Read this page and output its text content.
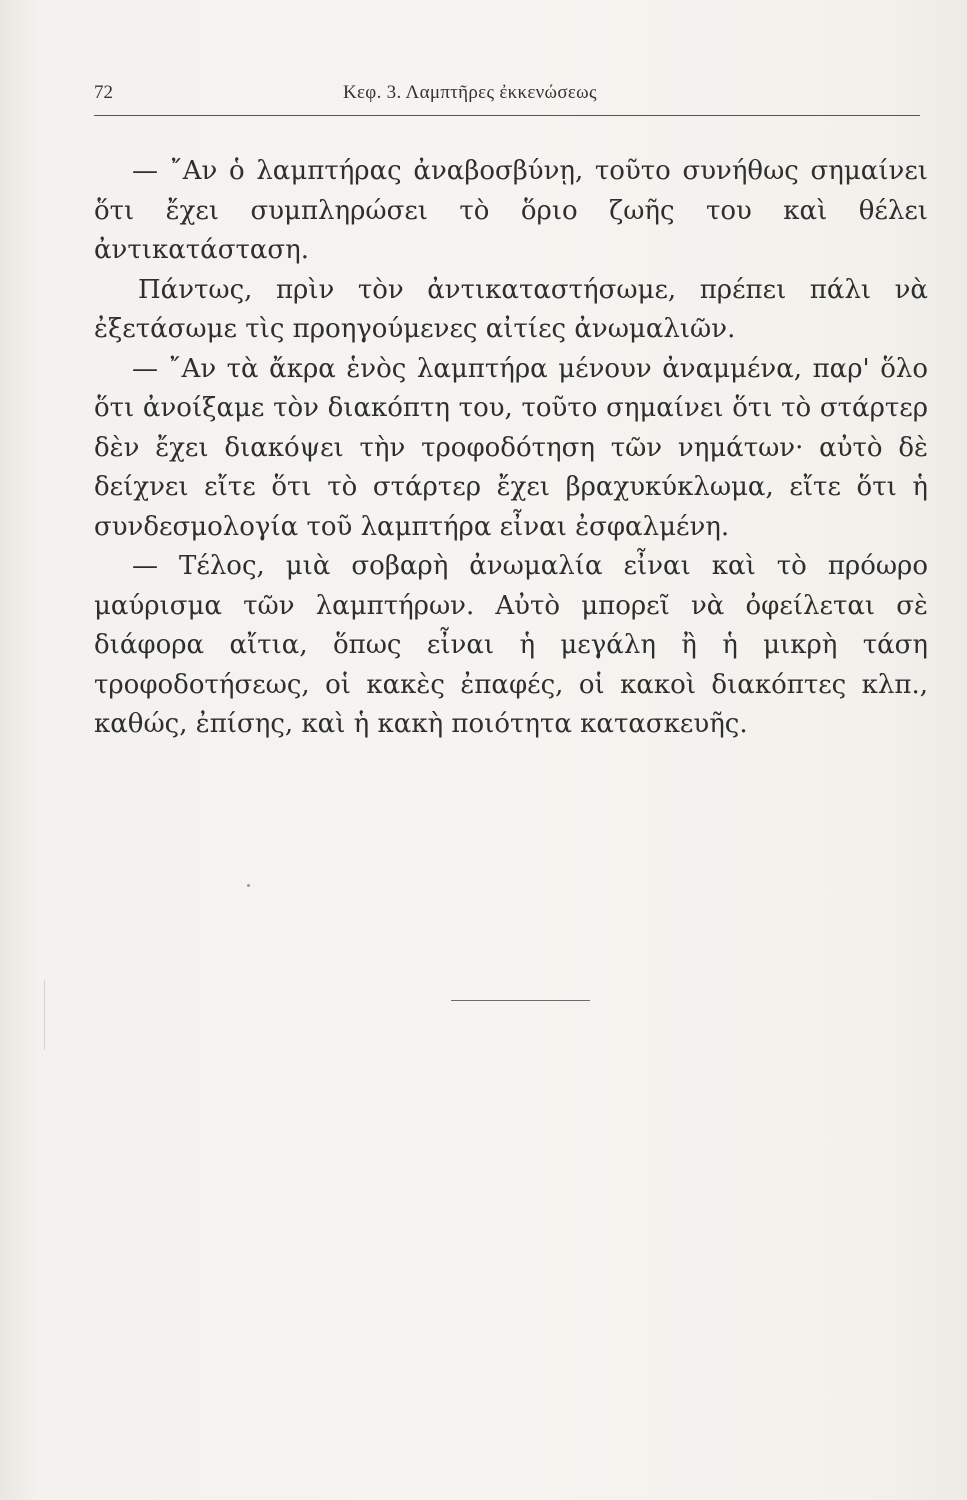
72	Κεφ. 3. Λαμπτῆρες ἐκκενώσεως

— ῎Αν ὁ λαμπτήρας ἀναβοσβύνῃ, τοῦτο συνήθως σημαίνει ὅτι ἔχει συμπληρώσει τὸ ὅριο ζωῆς του καὶ θέλει ἀντικατάσταση.

Πάντως, πρὶν τὸν ἀντικαταστήσωμε, πρέπει πάλι νὰ ἐξετάσωμε τὶς προηγούμενες αἰτίες ἀνωμαλιῶν.

— ῎Αν τὰ ἄκρα ἑνὸς λαμπτήρα μένουν ἀναμμένα, παρ' ὅλο ὅτι ἀνοίξαμε τὸν διακόπτη του, τοῦτο σημαίνει ὅτι τὸ στάρτερ δὲν ἔχει διακόψει τὴν τροφοδότηση τῶν νημάτων· αὐτὸ δὲ δείχνει εἴτε ὅτι τὸ στάρτερ ἔχει βραχυκύκλωμα, εἴτε ὅτι ἡ συνδεσμολογία τοῦ λαμπτήρα εἶναι ἐσφαλμένη.

— Τέλος, μιὰ σοβαρὴ ἀνωμαλία εἶναι καὶ τὸ πρόωρο μαύρισμα τῶν λαμπτήρων. Αὐτὸ μπορεῖ νὰ ὀφείλεται σὲ διάφορα αἴτια, ὅπως εἶναι ἡ μεγάλη ἢ ἡ μικρὴ τάση τροφοδοτήσεως, οἱ κακὲς ἐπαφές, οἱ κακοὶ διακόπτες κλπ., καθώς, ἐπίσης, καὶ ἡ κακὴ ποιότητα κατασκευῆς.
